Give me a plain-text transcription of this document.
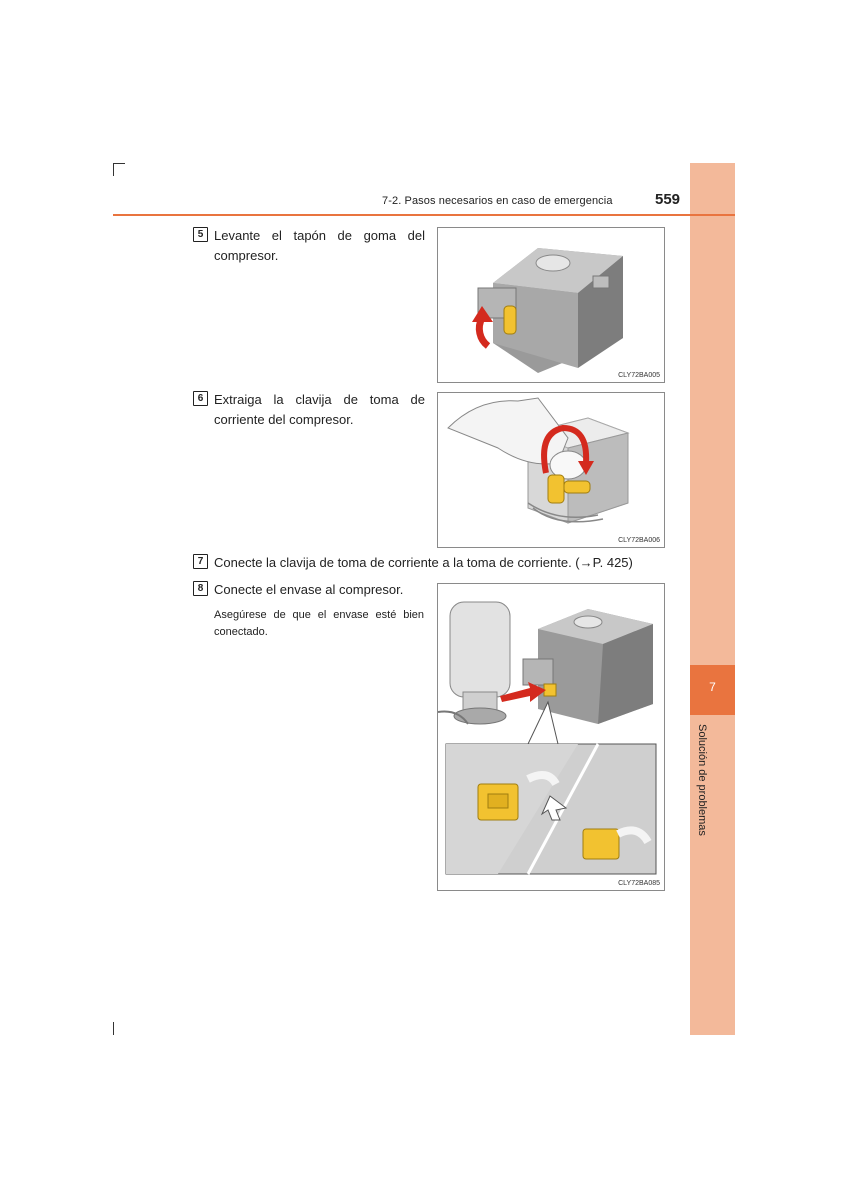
7
Solución de problemas
7-2. Pasos necesarios en caso de emergencia	559
5 Levante el tapón de goma del compresor.
CLY72BA005
6 Extraiga la clavija de toma de corriente del compresor.
CLY72BA006
7 Conecte la clavija de toma de corriente a la toma de corriente. (→P. 425)
8 Conecte el envase al compresor.
Asegúrese de que el envase esté bien conectado.
CLY72BA085
